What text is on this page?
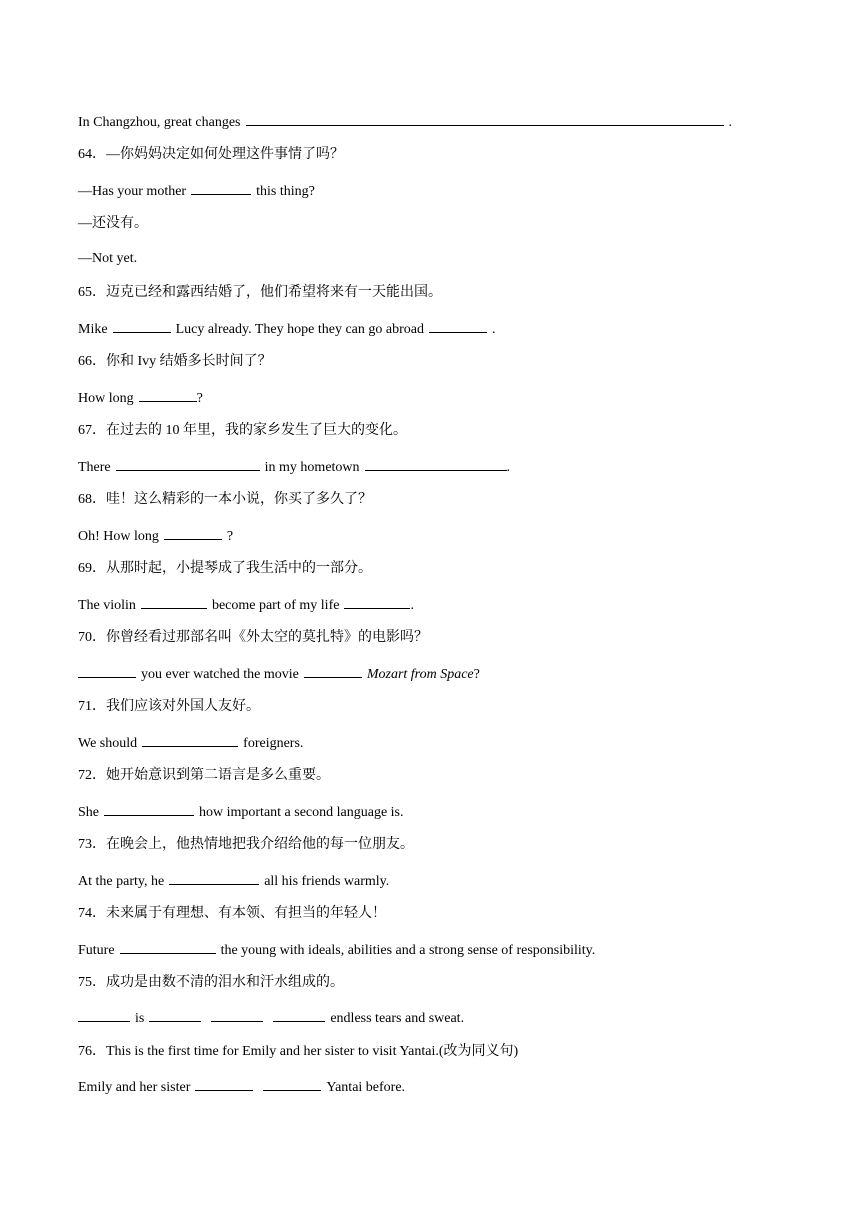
In Changzhou, great changes	.
64．—你妈妈决定如何处理这件事情了吗？
—Has your mother	this thing?
—还没有。
—Not yet.
65．迈克已经和露西结婚了，他们希望将来有一天能出国。
Mike	Lucy already. They hope they can go abroad	.
66．你和 Ivy 结婚多长时间了？
How long	?
67．在过去的 10 年里，我的家乡发生了巨大的变化。
There	in my hometown	.
68．哇！这么精彩的一本小说，你买了多久了？
Oh! How long	?
69．从那时起，小提琴成了我生活中的一部分。
The violin	become part of my life	.
70．你曾经看过那部名叫《外太空的莫扎特》的电影吗？
you ever watched the movie	Mozart from Space?
71．我们应该对外国人友好。
We should	foreigners.
72．她开始意识到第二语言是多么重要。
She	how important a second language is.
73．在晚会上，他热情地把我介绍给他的每一位朋友。
At the party, he	all his friends warmly.
74．未来属于有理想、有本领、有担当的年轻人！
Future	the young with ideals, abilities and a strong sense of responsibility.
75．成功是由数不清的泪水和汗水组成的。
is	endless tears and sweat.
76．This is the first time for Emily and her sister to visit Yantai.(改为同义句)
Emily and her sister	Yantai before.
